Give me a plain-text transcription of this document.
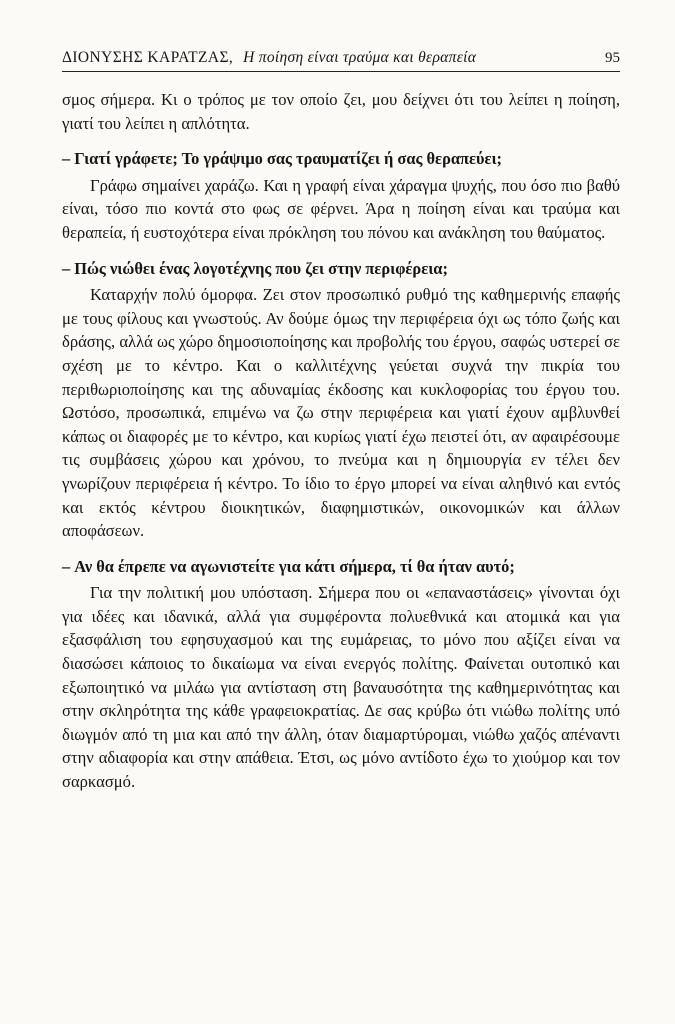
ΔΙΟΝΥΣΗΣ ΚΑΡΑΤΖΑΣ, Η ποίηση είναι τραύμα και θεραπεία	95

σμος σήμερα. Κι ο τρόπος με τον οποίο ζει, μου δείχνει ότι του λείπει η ποίηση, γιατί του λείπει η απλότητα.

– Γιατί γράφετε; Το γράψιμο σας τραυματίζει ή σας θεραπεύει;

Γράφω σημαίνει χαράζω. Και η γραφή είναι χάραγμα ψυχής, που όσο πιο βαθύ είναι, τόσο πιο κοντά στο φως σε φέρνει. Άρα η ποίηση είναι και τραύμα και θεραπεία, ή ευστοχότερα είναι πρόκληση του πόνου και ανάκληση του θαύματος.

– Πώς νιώθει ένας λογοτέχνης που ζει στην περιφέρεια;

Καταρχήν πολύ όμορφα. Ζει στον προσωπικό ρυθμό της καθημερινής επαφής με τους φίλους και γνωστούς. Αν δούμε όμως την περιφέρεια όχι ως τόπο ζωής και δράσης, αλλά ως χώρο δημοσιοποίησης και προβολής του έργου, σαφώς υστερεί σε σχέση με το κέντρο. Και ο καλλιτέχνης γεύεται συχνά την πικρία του περιθωριοποίησης και της αδυναμίας έκδοσης και κυκλοφορίας του έργου του. Ωστόσο, προσωπικά, επιμένω να ζω στην περιφέρεια και γιατί έχουν αμβλυνθεί κάπως οι διαφορές με το κέντρο, και κυρίως γιατί έχω πειστεί ότι, αν αφαιρέσουμε τις συμβάσεις χώρου και χρόνου, το πνεύμα και η δημιουργία εν τέλει δεν γνωρίζουν περιφέρεια ή κέντρο. Το ίδιο το έργο μπορεί να είναι αληθινό και εντός και εκτός κέντρου διοικητικών, διαφημιστικών, οικονομικών και άλλων αποφάσεων.

– Αν θα έπρεπε να αγωνιστείτε για κάτι σήμερα, τί θα ήταν αυτό;

Για την πολιτική μου υπόσταση. Σήμερα που οι «επαναστάσεις» γίνονται όχι για ιδέες και ιδανικά, αλλά για συμφέροντα πολυεθνικά και ατομικά και για εξασφάλιση του εφησυχασμού και της ευμάρειας, το μόνο που αξίζει είναι να διασώσει κάποιος το δικαίωμα να είναι ενεργός πολίτης. Φαίνεται ουτοπικό και εξωπoιητικό να μιλάω για αντίσταση στη βαναυσότητα της καθημερινότητας και στην σκληρότητα της κάθε γραφειοκρατίας. Δε σας κρύβω ότι νιώθω πολίτης υπό διωγμόν από τη μια και από την άλλη, όταν διαμαρτύρομαι, νιώθω χαζός απέναντι στην αδιαφορία και στην απάθεια. Έτσι, ως μόνο αντίδοτο έχω το χιούμορ και τον σαρκασμό.
